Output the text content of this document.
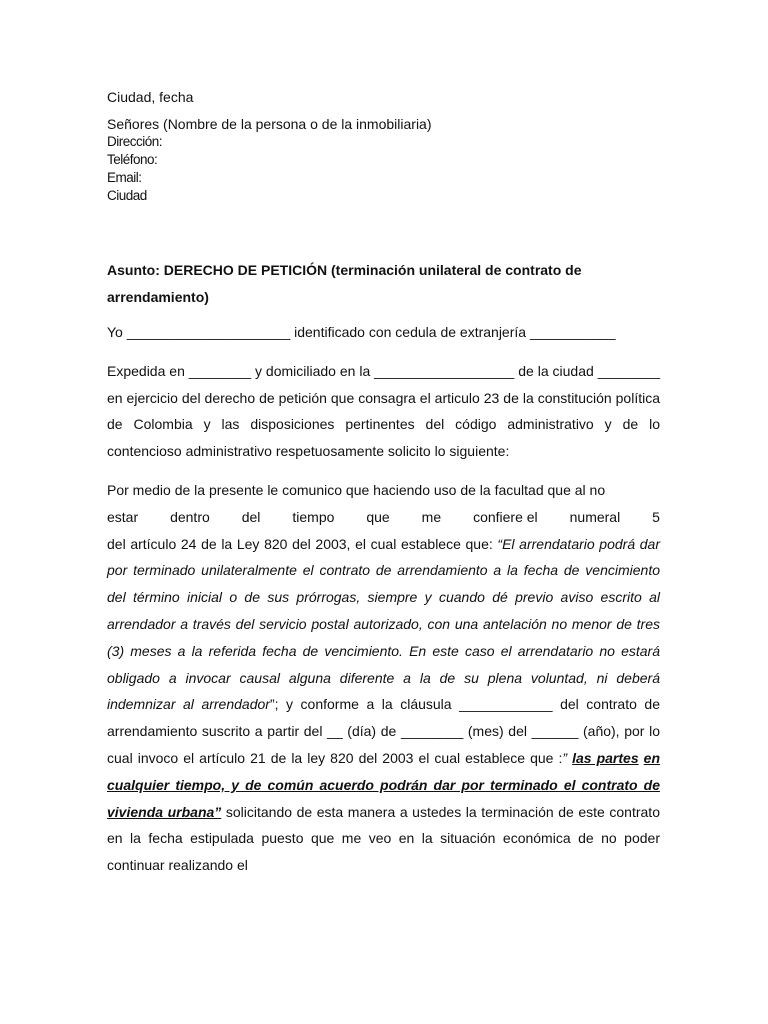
Ciudad, fecha
Señores (Nombre de la persona o de la inmobiliaria)
Dirección:
Teléfono:
Email:
Ciudad
Asunto: DERECHO DE PETICIÓN (terminación unilateral de contrato de arrendamiento)
Yo _____________________ identificado con cedula de extranjería ___________
Expedida en ________ y domiciliado en la __________________ de la ciudad ________ en ejercicio del derecho de petición que consagra el articulo 23 de la constitución política de Colombia y las disposiciones pertinentes del código administrativo y de lo contencioso administrativo respetuosamente solicito lo siguiente:
Por medio de la presente le comunico que haciendo uso de la facultad que al no
estar dentro del tiempo que me confiere el numeral 5
del artículo 24 de la Ley 820 del 2003, el cual establece que: “El arrendatario podrá dar por terminado unilateralmente el contrato de arrendamiento a la fecha de vencimiento del término inicial o de sus prórrogas, siempre y cuando dé previo aviso escrito al arrendador a través del servicio postal autorizado, con una antelación no menor de tres (3) meses a la referida fecha de vencimiento. En este caso el arrendatario no estará obligado a invocar causal alguna diferente a la de su plena voluntad, ni deberá indemnizar al arrendador”; y conforme a la cláusula ____________ del contrato de arrendamiento suscrito a partir del __ (día) de ________ (mes) del ______ (año), por lo cual invoco el artículo 21 de la ley 820 del 2003 el cual establece que :” las partes en cualquier tiempo, y de común acuerdo podrán dar por terminado el contrato de vivienda urbana” solicitando de esta manera a ustedes la terminación de este contrato en la fecha estipulada puesto que me veo en la situación económica de no poder continuar realizando el
